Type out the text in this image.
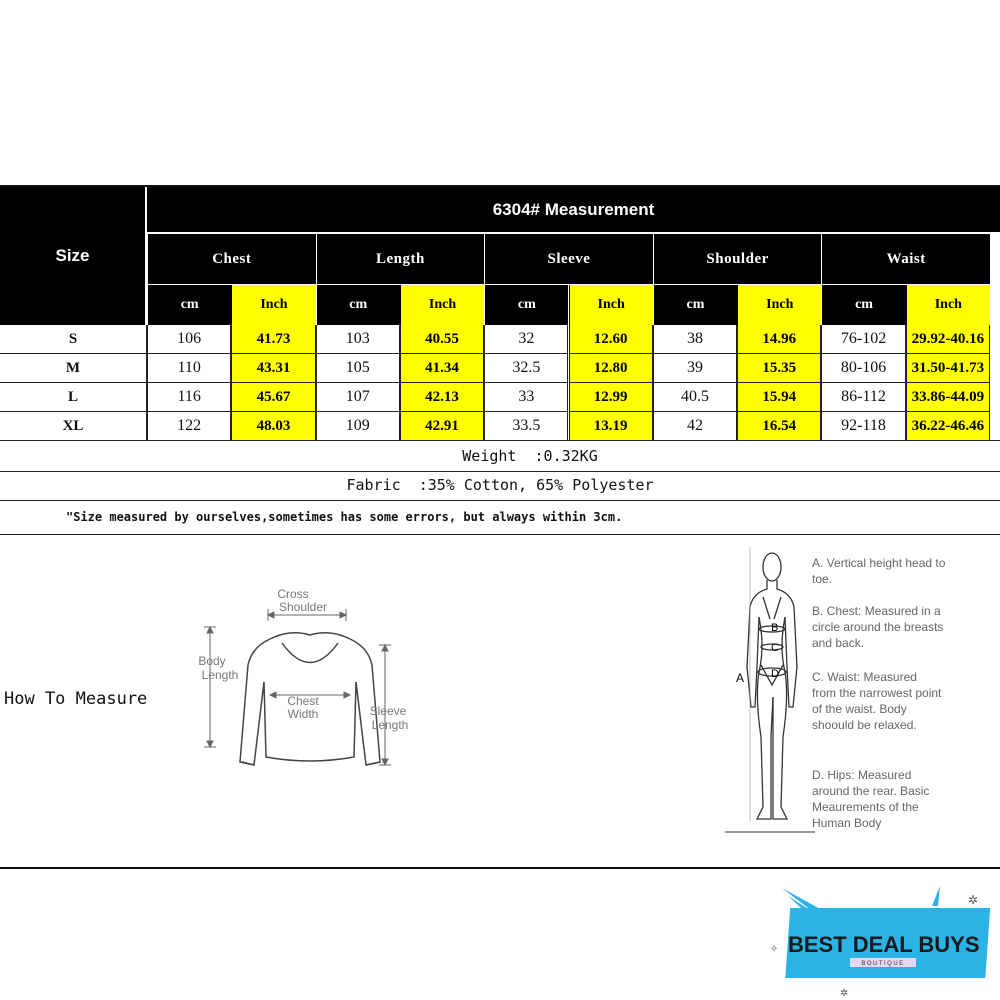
Size
6304# Measurement
Chest	Length	Sleeve	Shoulder	Waist
cm	Inch	cm	Inch	cm	Inch	cm	Inch	cm	Inch
S	106	41.73	103	40.55	32	12.60	38	14.96	76-102	29.92-40.16
M	110	43.31	105	41.34	32.5	12.80	39	15.35	80-106	31.50-41.73
L	116	45.67	107	42.13	33	12.99	40.5	15.94	86-112	33.86-44.09
XL	122	48.03	109	42.91	33.5	13.19	42	16.54	92-118	36.22-46.46
Weight  :0.32KG
Fabric  :35% Cotton, 65% Polyester
"Size measured by ourselves,sometimes has some errors, but always within 3cm.
How To Measure
Cross
Shoulder
Body
Length
Chest
Width	Sleeve
Length
A
B
C
D
A. Vertical height head to toe.
B. Chest: Measured in a circle around the breasts and back.
C. Waist: Measured from the narrowest point of the waist. Body shoould be relaxed.
D. Hips: Measured around the rear. Basic Meaurements of the Human Body
BEST DEAL BUYS
BOUTIQUE
✲
✧
✲
